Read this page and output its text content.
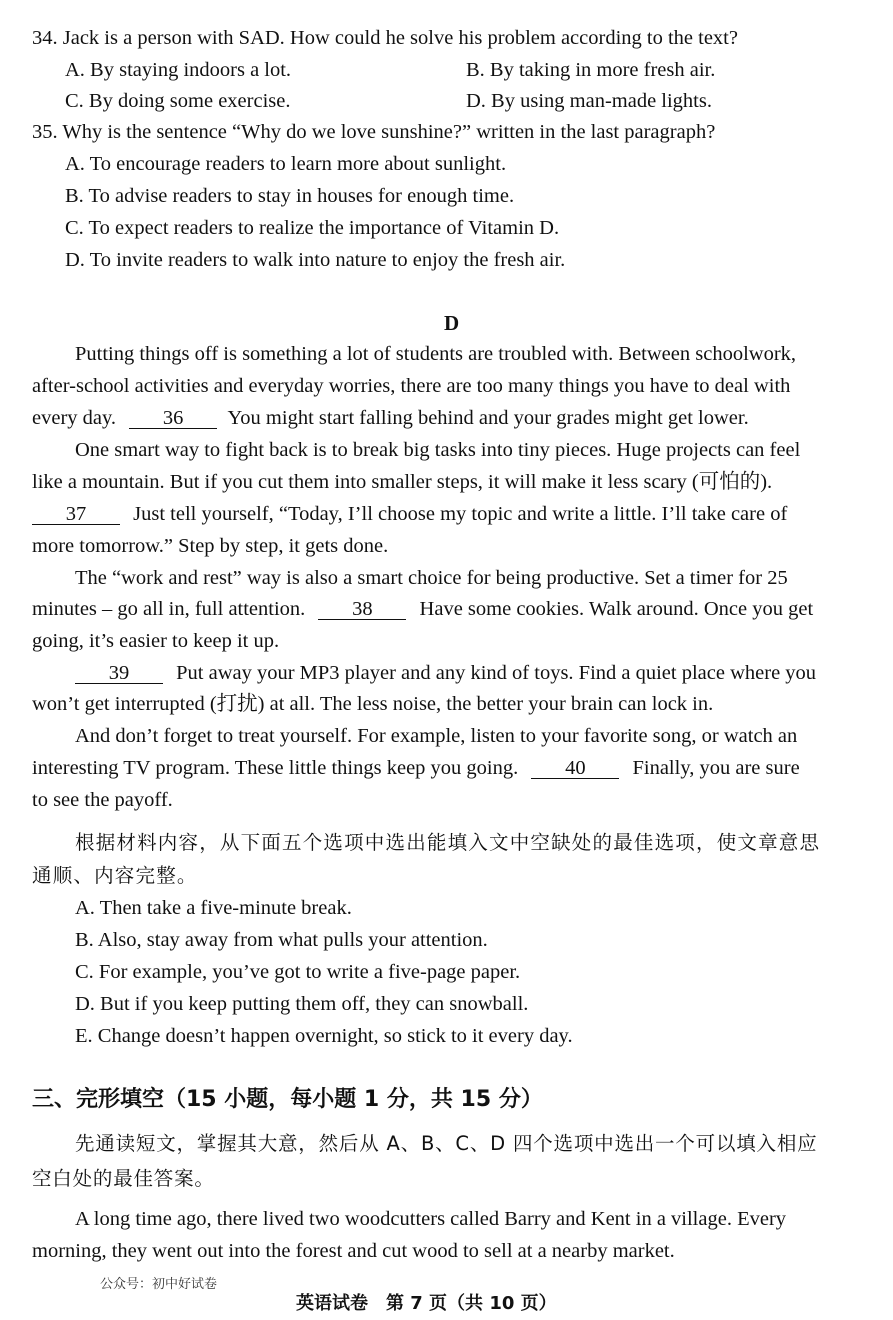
34. Jack is a person with SAD. How could he solve his problem according to the text?
A. By staying indoors a lot.	B. By taking in more fresh air.
C. By doing some exercise.	D. By using man-made lights.
35. Why is the sentence “Why do we love sunshine?” written in the last paragraph?
A. To encourage readers to learn more about sunlight.
B. To advise readers to stay in houses for enough time.
C. To expect readers to realize the importance of Vitamin D.
D. To invite readers to walk into nature to enjoy the fresh air.
D
Putting things off is something a lot of students are troubled with. Between schoolwork,
after-school activities and everyday worries, there are too many things you have to deal with
every day. 36 You might start falling behind and your grades might get lower.
One smart way to fight back is to break big tasks into tiny pieces. Huge projects can feel
like a mountain. But if you cut them into smaller steps, it will make it less scary (可怕的).
37 Just tell yourself, “Today, I’ll choose my topic and write a little. I’ll take care of
more tomorrow.” Step by step, it gets done.
The “work and rest” way is also a smart choice for being productive. Set a timer for 25
minutes – go all in, full attention. 38 Have some cookies. Walk around. Once you get
going, it’s easier to keep it up.
39 Put away your MP3 player and any kind of toys. Find a quiet place where you
won’t get interrupted (打扰) at all. The less noise, the better your brain can lock in.
And don’t forget to treat yourself. For example, listen to your favorite song, or watch an
interesting TV program. These little things keep you going. 40 Finally, you are sure
to see the payoff.
根据材料内容，从下面五个选项中选出能填入文中空缺处的最佳选项，使文章意思
通顺、内容完整。
A. Then take a five-minute break.
B. Also, stay away from what pulls your attention.
C. For example, you’ve got to write a five-page paper.
D. But if you keep putting them off, they can snowball.
E. Change doesn’t happen overnight, so stick to it every day.
三、完形填空（15 小题，每小题 1 分，共 15 分）
先通读短文，掌握其大意，然后从 A、B、C、D 四个选项中选出一个可以填入相应
空白处的最佳答案。
A long time ago, there lived two woodcutters called Barry and Kent in a village. Every
morning, they went out into the forest and cut wood to sell at a nearby market.
公众号：初中好试卷
英语试卷　第 7 页（共 10 页）
